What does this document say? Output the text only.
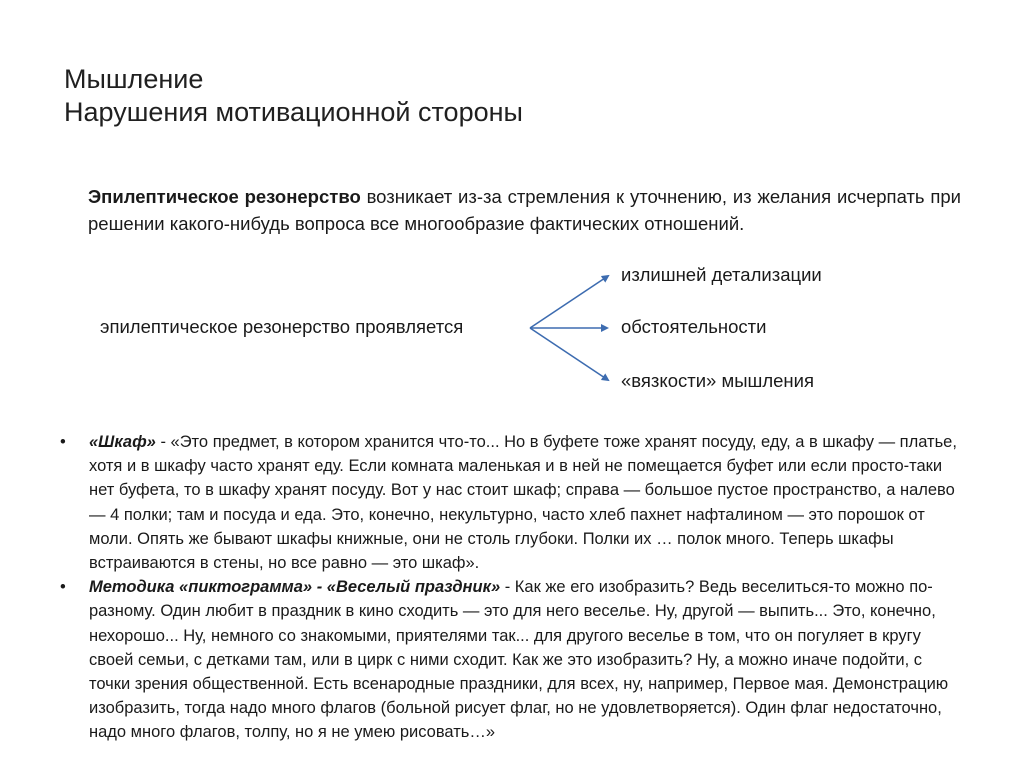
Мышление
Нарушения мотивационной стороны
Эпилептическое резонерство возникает из-за стремления к уточнению, из желания исчерпать при решении какого-нибудь вопроса все многообразие фактических отношений.
эпилептическое резонерство проявляется
излишней детализации
обстоятельности
«вязкости» мышления
•	«Шкаф» - «Это предмет, в котором хранится что-то... Но в буфете тоже хранят посуду, еду, а в шкафу — платье, хотя и в шкафу часто хранят еду. Если комната маленькая и в ней не помещается буфет или если просто-таки нет буфета, то в шкафу хранят посуду. Вот у нас стоит шкаф; справа — большое пустое пространство, а налево — 4 полки; там и посуда и еда. Это, конечно, некультурно, часто хлеб пахнет нафталином — это порошок от моли. Опять же бывают шкафы книжные, они не столь глубоки. Полки их … полок много. Теперь шкафы встраиваются в стены, но все равно — это шкаф».
•	Методика «пиктограмма» - «Веселый праздник» - Как же его изобразить? Ведь веселиться-то можно по-разному. Один любит в праздник в кино сходить — это для него веселье. Ну, другой — выпить... Это, конечно, нехорошо... Ну, немного со знакомыми, приятелями так... для другого веселье в том, что он погуляет в кругу своей семьи, с детками там, или в цирк с ними сходит. Как же это изобразить? Ну, а можно иначе подойти, с точки зрения общественной. Есть всенародные праздники, для всех, ну, например, Первое мая. Демонстрацию изобразить, тогда надо много флагов (больной рисует флаг, но не удовлетворяется). Один флаг недостаточно, надо много флагов, толпу, но я не умею рисовать…»
